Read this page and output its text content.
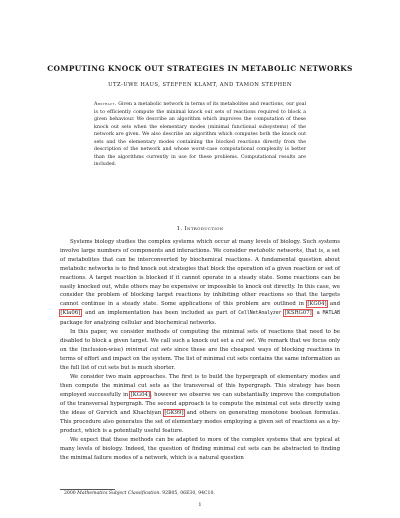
COMPUTING KNOCK OUT STRATEGIES IN METABOLIC NETWORKS
UTZ-UWE HAUS, STEFFEN KLAMT, AND TAMON STEPHEN
Abstract. Given a metabolic network in terms of its metabolites and reactions, our goal is to efficiently compute the minimal knock out sets of reactions required to block a given behaviour. We describe an algorithm which improves the computation of these knock out sets when the elementary modes (minimal functional subsystems) of the network are given. We also describe an algorithm which computes both the knock out sets and the elementary modes containing the blocked reactions directly from the description of the network and whose worst-case computational complexity is better than the algorithms currently in use for these problems. Computational results are included.
1. Introduction

Systems biology studies the complex systems which occur at many levels of biology. Such systems involve large numbers of components and interactions. We consider metabolic networks, that is, a set of metabolites that can be interconverted by biochemical reactions. A fundamental question about metabolic networks is to find knock out strategies that block the operation of a given reaction or set of reactions. A target reaction is blocked if it cannot operate in a steady state. Some reactions can be easily knocked out, while others may be expensive or impossible to knock out directly. In this case, we consider the problem of blocking target reactions by inhibiting other reactions so that the targets cannot continue in a steady state. Some applications of this problem are outlined in [KG04] and [Kla06], and an implementation has been included as part of CellNetAnalyzer [KSRG07], a MATLAB package for analyzing cellular and biochemical networks.

In this paper, we consider methods of computing the minimal sets of reactions that need to be disabled to block a given target. We call such a knock out set a cut set. We remark that we focus only on the (inclusion-wise) minimal cut sets since these are the cheapest ways of blocking reactions in terms of effort and impact on the system. The list of minimal cut sets contains the same information as the full list of cut sets but is much shorter.

We consider two main approaches. The first is to build the hypergraph of elementary modes and then compute the minimal cut sets as the transversal of this hypergraph. This strategy has been employed successfully in [KG04], however we observe we can substantially improve the computation of the transversal hypergraph. The second approach is to compute the minimal cut sets directly using the ideas of Gurvich and Khachiyan [GK99] and others on generating monotone boolean formulas. This procedure also generates the set of elementary modes employing a given set of reactions as a by-product, which is a potentially useful feature.

We expect that these methods can be adapted to more of the complex systems that are typical at many levels of biology. Indeed, the question of finding minimal cut sets can be abstracted to finding the minimal failure modes of a network, which is a natural question

2000 Mathematics Subject Classification. 92B05, 06E30, 94C10.
1
